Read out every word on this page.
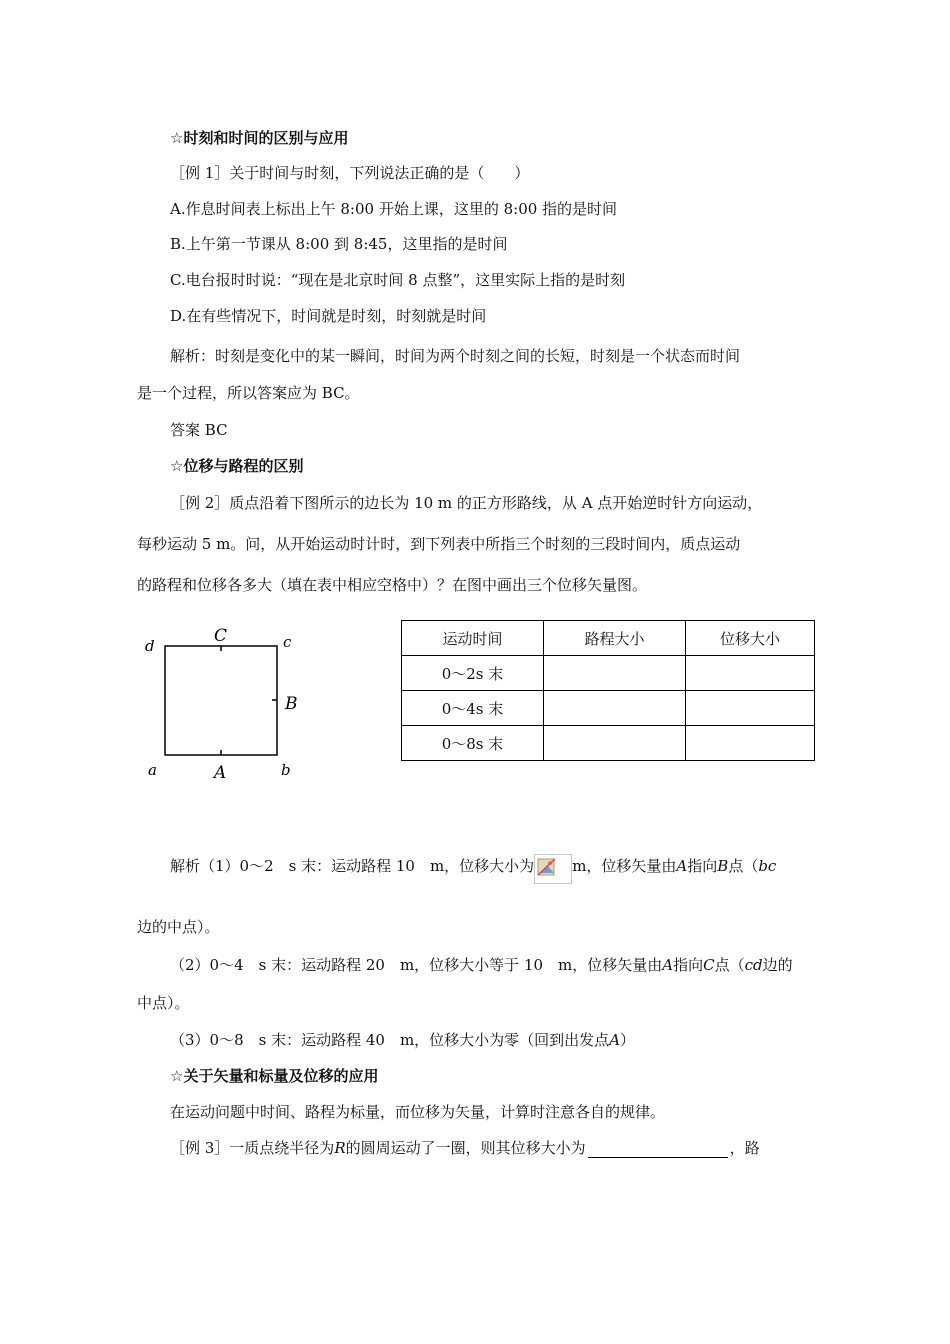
☆时刻和时间的区别与应用
［例 1］关于时间与时刻，下列说法正确的是（　　）
A.作息时间表上标出上午 8:00 开始上课，这里的 8:00 指的是时间
B.上午第一节课从 8:00 到 8:45，这里指的是时间
C.电台报时时说：“现在是北京时间 8 点整”，这里实际上指的是时刻
D.在有些情况下，时间就是时刻，时刻就是时间
解析：时刻是变化中的某一瞬间，时间为两个时刻之间的长短，时刻是一个状态而时间
是一个过程，所以答案应为 BC。
答案 BC
☆位移与路程的区别
［例 2］质点沿着下图所示的边长为 10 m 的正方形路线，从 A 点开始逆时针方向运动，
每秒运动 5 m。问，从开始运动时计时，到下列表中所指三个时刻的三段时间内，质点运动
的路程和位移各多大（填在表中相应空格中）？在图中画出三个位移矢量图。
d	C	c
B
a	A	b
运动时间	路程大小	位移大小
0～2s 末		
0～4s 末		
0～8s 末		
解析（1）0～2　s 末：运动路程 10　m，位移大小为	m，位移矢量由A指向B点（bc
边的中点）。
（2）0～4　s 末：运动路程 20　m，位移大小等于 10　m，位移矢量由A指向C点（cd边的
中点）。
（3）0～8　s 末：运动路程 40　m，位移大小为零（回到出发点A）
☆关于矢量和标量及位移的应用
在运动问题中时间、路程为标量，而位移为矢量，计算时注意各自的规律。
［例 3］一质点绕半径为R的圆周运动了一圈，则其位移大小为	，路
